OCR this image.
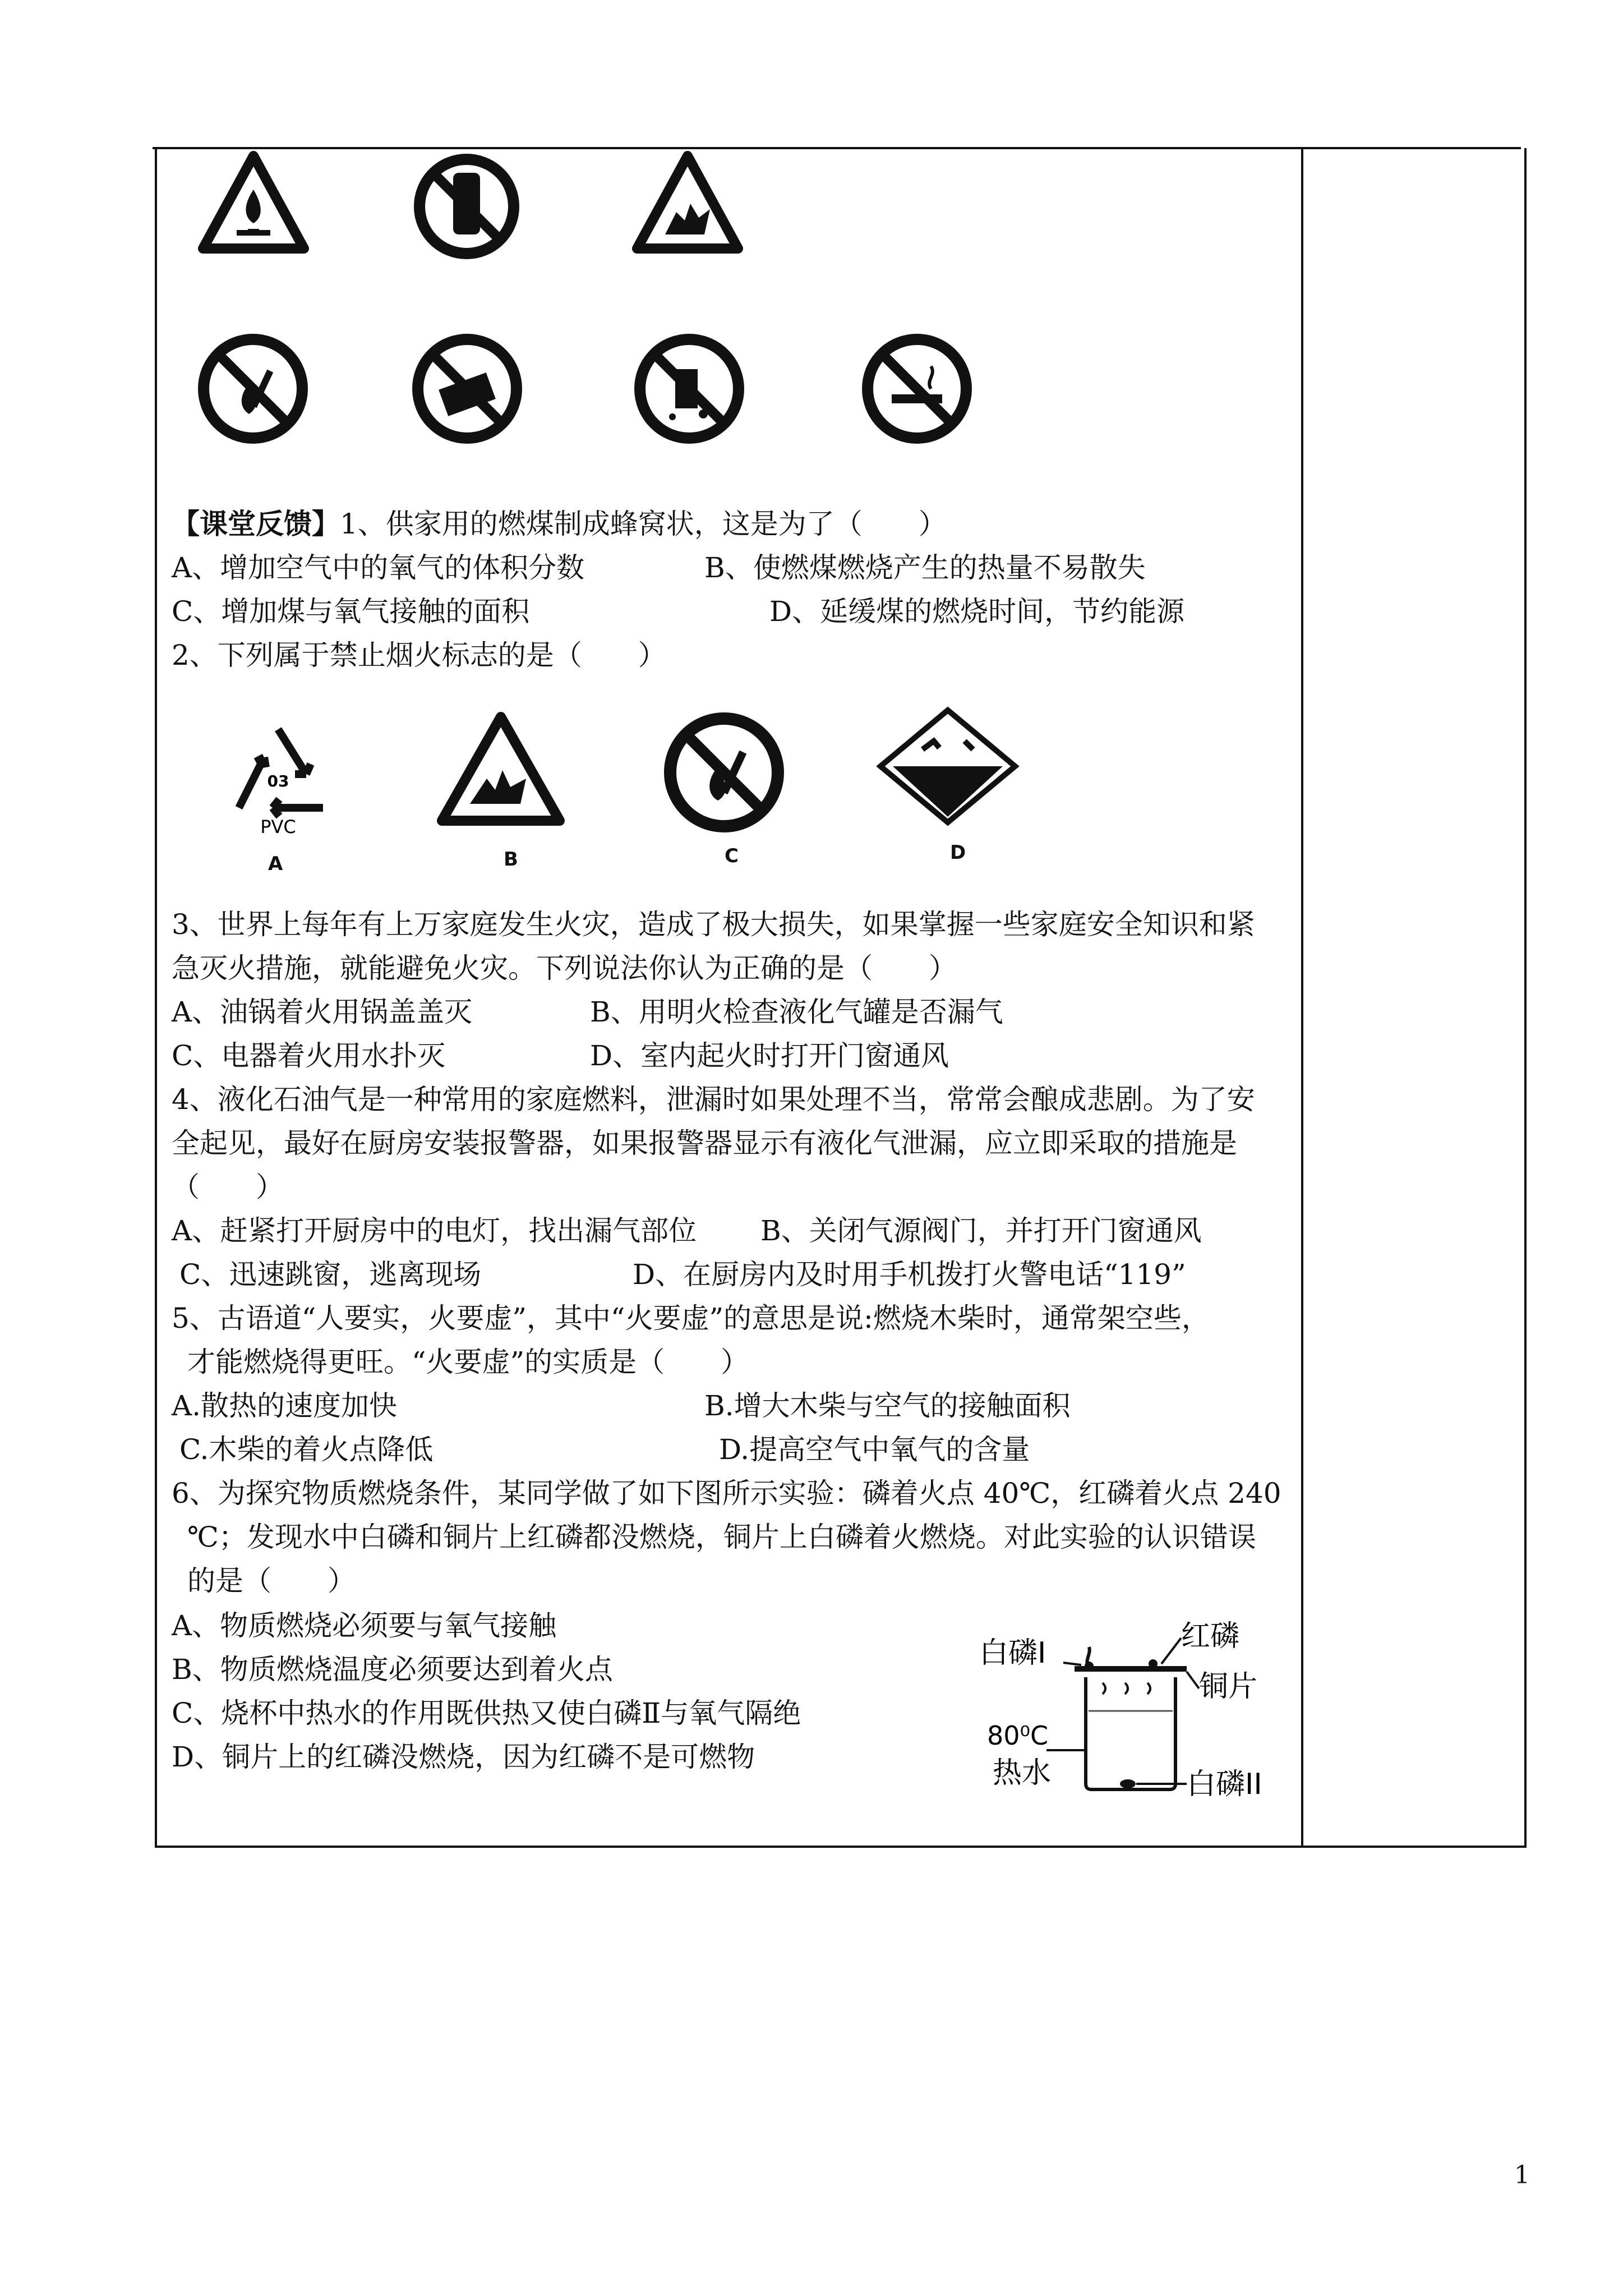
【课堂反馈】1、供家用的燃煤制成蜂窝状，这是为了（　　）
A、增加空气中的氧气的体积分数	B、使燃煤燃烧产生的热量不易散失
C、增加煤与氧气接触的面积	D、延缓煤的燃烧时间，节约能源
2、下列属于禁止烟火标志的是（　　）
03
PVC
A	B	C	D
3、世界上每年有上万家庭发生火灾，造成了极大损失，如果掌握一些家庭安全知识和紧
急灭火措施，就能避免火灾。下列说法你认为正确的是（　　）
A、油锅着火用锅盖盖灭	B、用明火检查液化气罐是否漏气
C、电器着火用水扑灭	D、室内起火时打开门窗通风
4、液化石油气是一种常用的家庭燃料，泄漏时如果处理不当，常常会酿成悲剧。为了安
全起见，最好在厨房安装报警器，如果报警器显示有液化气泄漏，应立即采取的措施是
（　　）
A、赶紧打开厨房中的电灯，找出漏气部位 B、关闭气源阀门，并打开门窗通风
C、迅速跳窗，逃离现场	D、在厨房内及时用手机拨打火警电话“119”
5、古语道“人要实，火要虚”，其中“火要虚”的意思是说:燃烧木柴时，通常架空些，
才能燃烧得更旺。“火要虚”的实质是（　　）
A.散热的速度加快	B.增大木柴与空气的接触面积
C.木柴的着火点降低	D.提高空气中氧气的含量
6、为探究物质燃烧条件，某同学做了如下图所示实验：磷着火点 40℃，红磷着火点 240
℃；发现水中白磷和铜片上红磷都没燃烧，铜片上白磷着火燃烧。对此实验的认识错误
的是（　　）
A、物质燃烧必须要与氧气接触
B、物质燃烧温度必须要达到着火点
C、烧杯中热水的作用既供热又使白磷Ⅱ与氧气隔绝
D、铜片上的红磷没燃烧，因为红磷不是可燃物
白磷I	红磷
铜片
80⁰C
热水	白磷II
1
